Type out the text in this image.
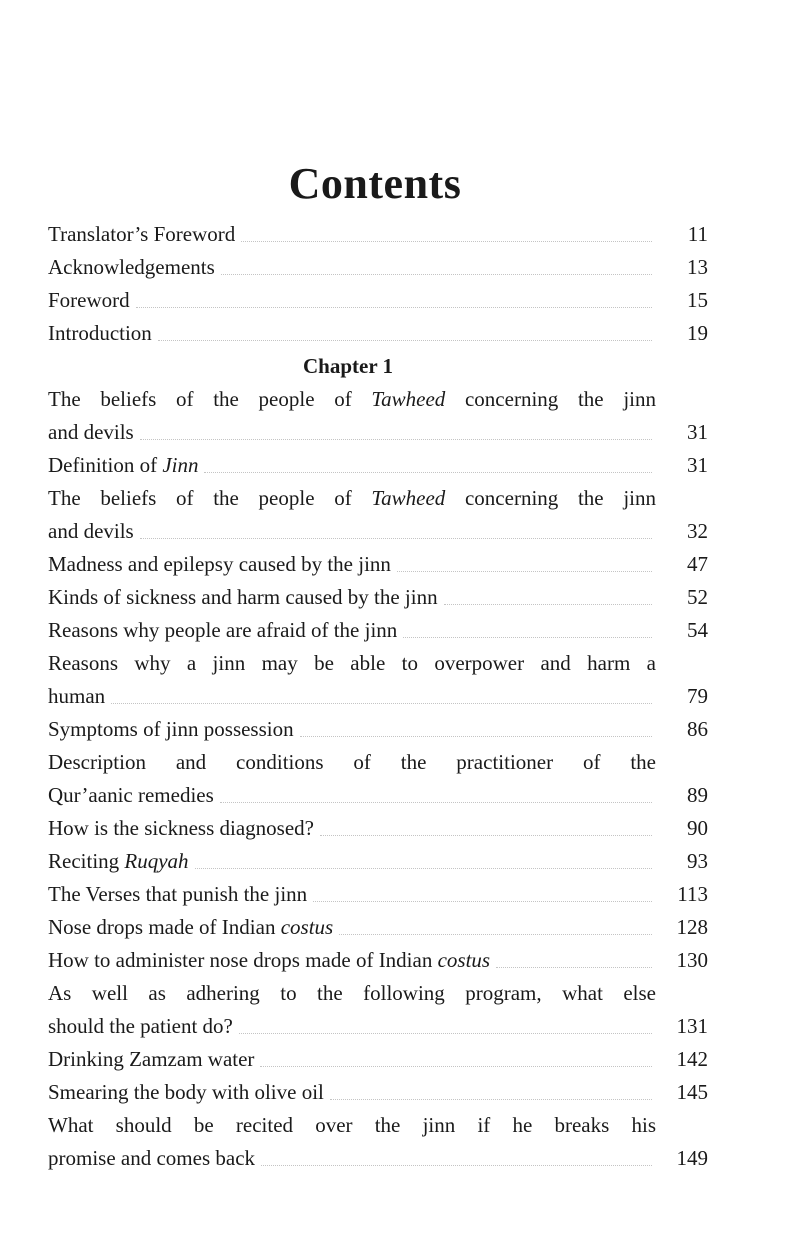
Contents
Translator’s Foreword	11
Acknowledgements	13
Foreword	15
Introduction	19
Chapter 1
The beliefs of the people of Tawheed concerning the jinn
and devils	31
Definition of Jinn	31
The beliefs of the people of Tawheed concerning the jinn
and devils	32
Madness and epilepsy caused by the jinn	47
Kinds of sickness and harm caused by the jinn	52
Reasons why people are afraid of the jinn	54
Reasons why a jinn may be able to overpower and harm a
human	79
Symptoms of jinn possession	86
Description and conditions of the practitioner of the
Qur’aanic remedies	89
How is the sickness diagnosed?	90
Reciting Ruqyah	93
The Verses that punish the jinn	113
Nose drops made of Indian costus	128
How to administer nose drops made of Indian costus	130
As well as adhering to the following program, what else
should the patient do?	131
Drinking Zamzam water	142
Smearing the body with olive oil	145
What should be recited over the jinn if he breaks his
promise and comes back	149
